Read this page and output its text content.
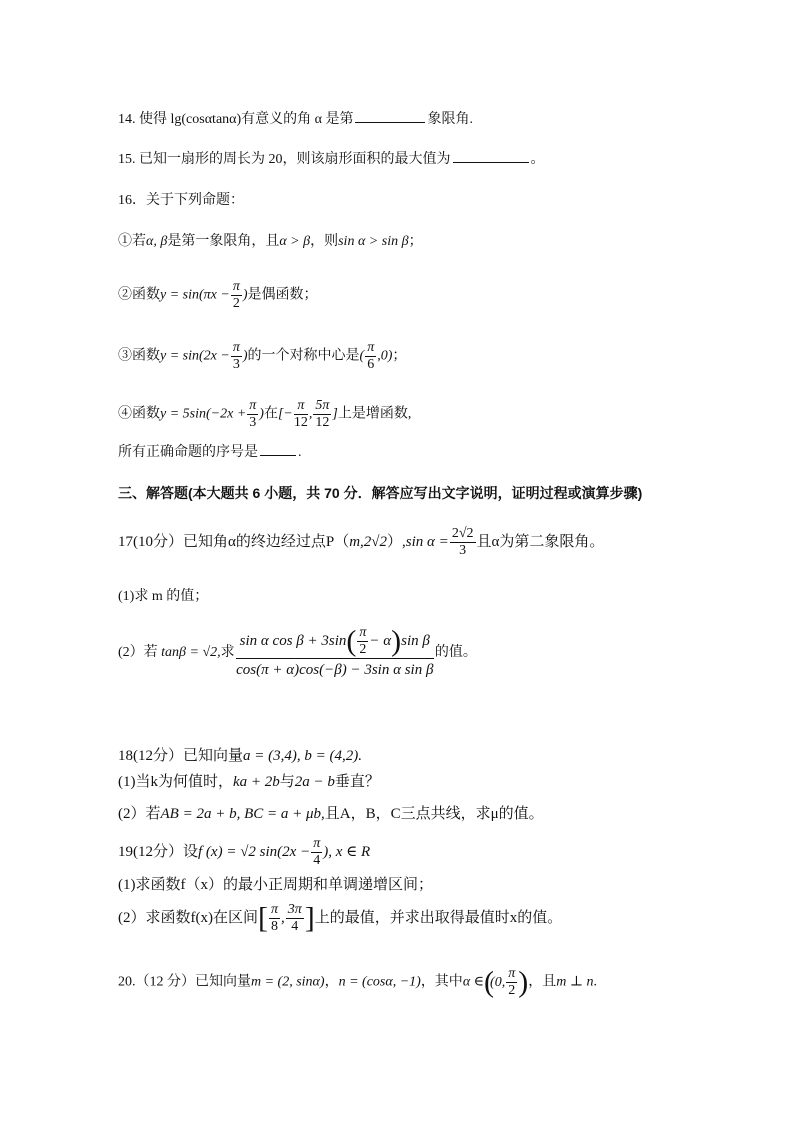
14. 使得 lg(cosαtanα)有意义的角 α 是第	象限角.
15. 已知一扇形的周长为 20，则该扇形面积的最大值为	。
16．关于下列命题：
①若α, β是第一象限角，且α > β，则sin α > sin β；
②函数$y = \sin(\pi x - \frac{\pi}{2}$ )是偶函数；
③函数$y = \sin(2x - \frac{\pi}{3}$ )的一个对称中心是( $\frac{\pi}{6} ,0$)；
④函数$y = 5\sin(-2x + \frac{\pi}{3}$ )在[− $\frac{\pi}{12}$ , $\frac{5\pi}{12}$ ]上是增函数,
所有正确命题的序号是	.
三、解答题(本大题共 6 小题，共 70 分．解答应写出文字说明，证明过程或演算步骤)
17(10分）已知角α的终边经过点P（m,2√2）,sin $\alpha = \frac{2√2}{3}$ 且α为第二象限角。
(1)求 m 的值；
(2）若 tanβ = √2,求 $\frac{\sin \alpha \cos \beta + 3\sin( \frac{\pi}{2} - \alpha)\sin \beta}{\text{cos(π + α)cos(−β) − 3sin α sin β}}$ 的值。
18(12分）已知向量a = (3,4), b = (4,2).
(1)当k为何值时，ka + 2b与2a − b垂直？
(2）若AB = 2a + b, BC = a + μb,且A，B，C三点共线，求μ的值。
19(12分）设f (x) = √2 $\sin(2x - \frac{\pi}{4}$ ), x ∈ R
(1)求函数f（x）的最小正周期和单调递增区间；
(2）求函数f(x)在区间[ $\frac{\pi}{8}$ , $\frac{3\pi}{4}$ ]上的最值，并求出取得最值时x的值。
20.（12 分）已知向量m = (2, sinα)，n = (cosα, −1)，其中α ∈((0, $\frac{\pi}{2}$ )，且m ⊥ n.
